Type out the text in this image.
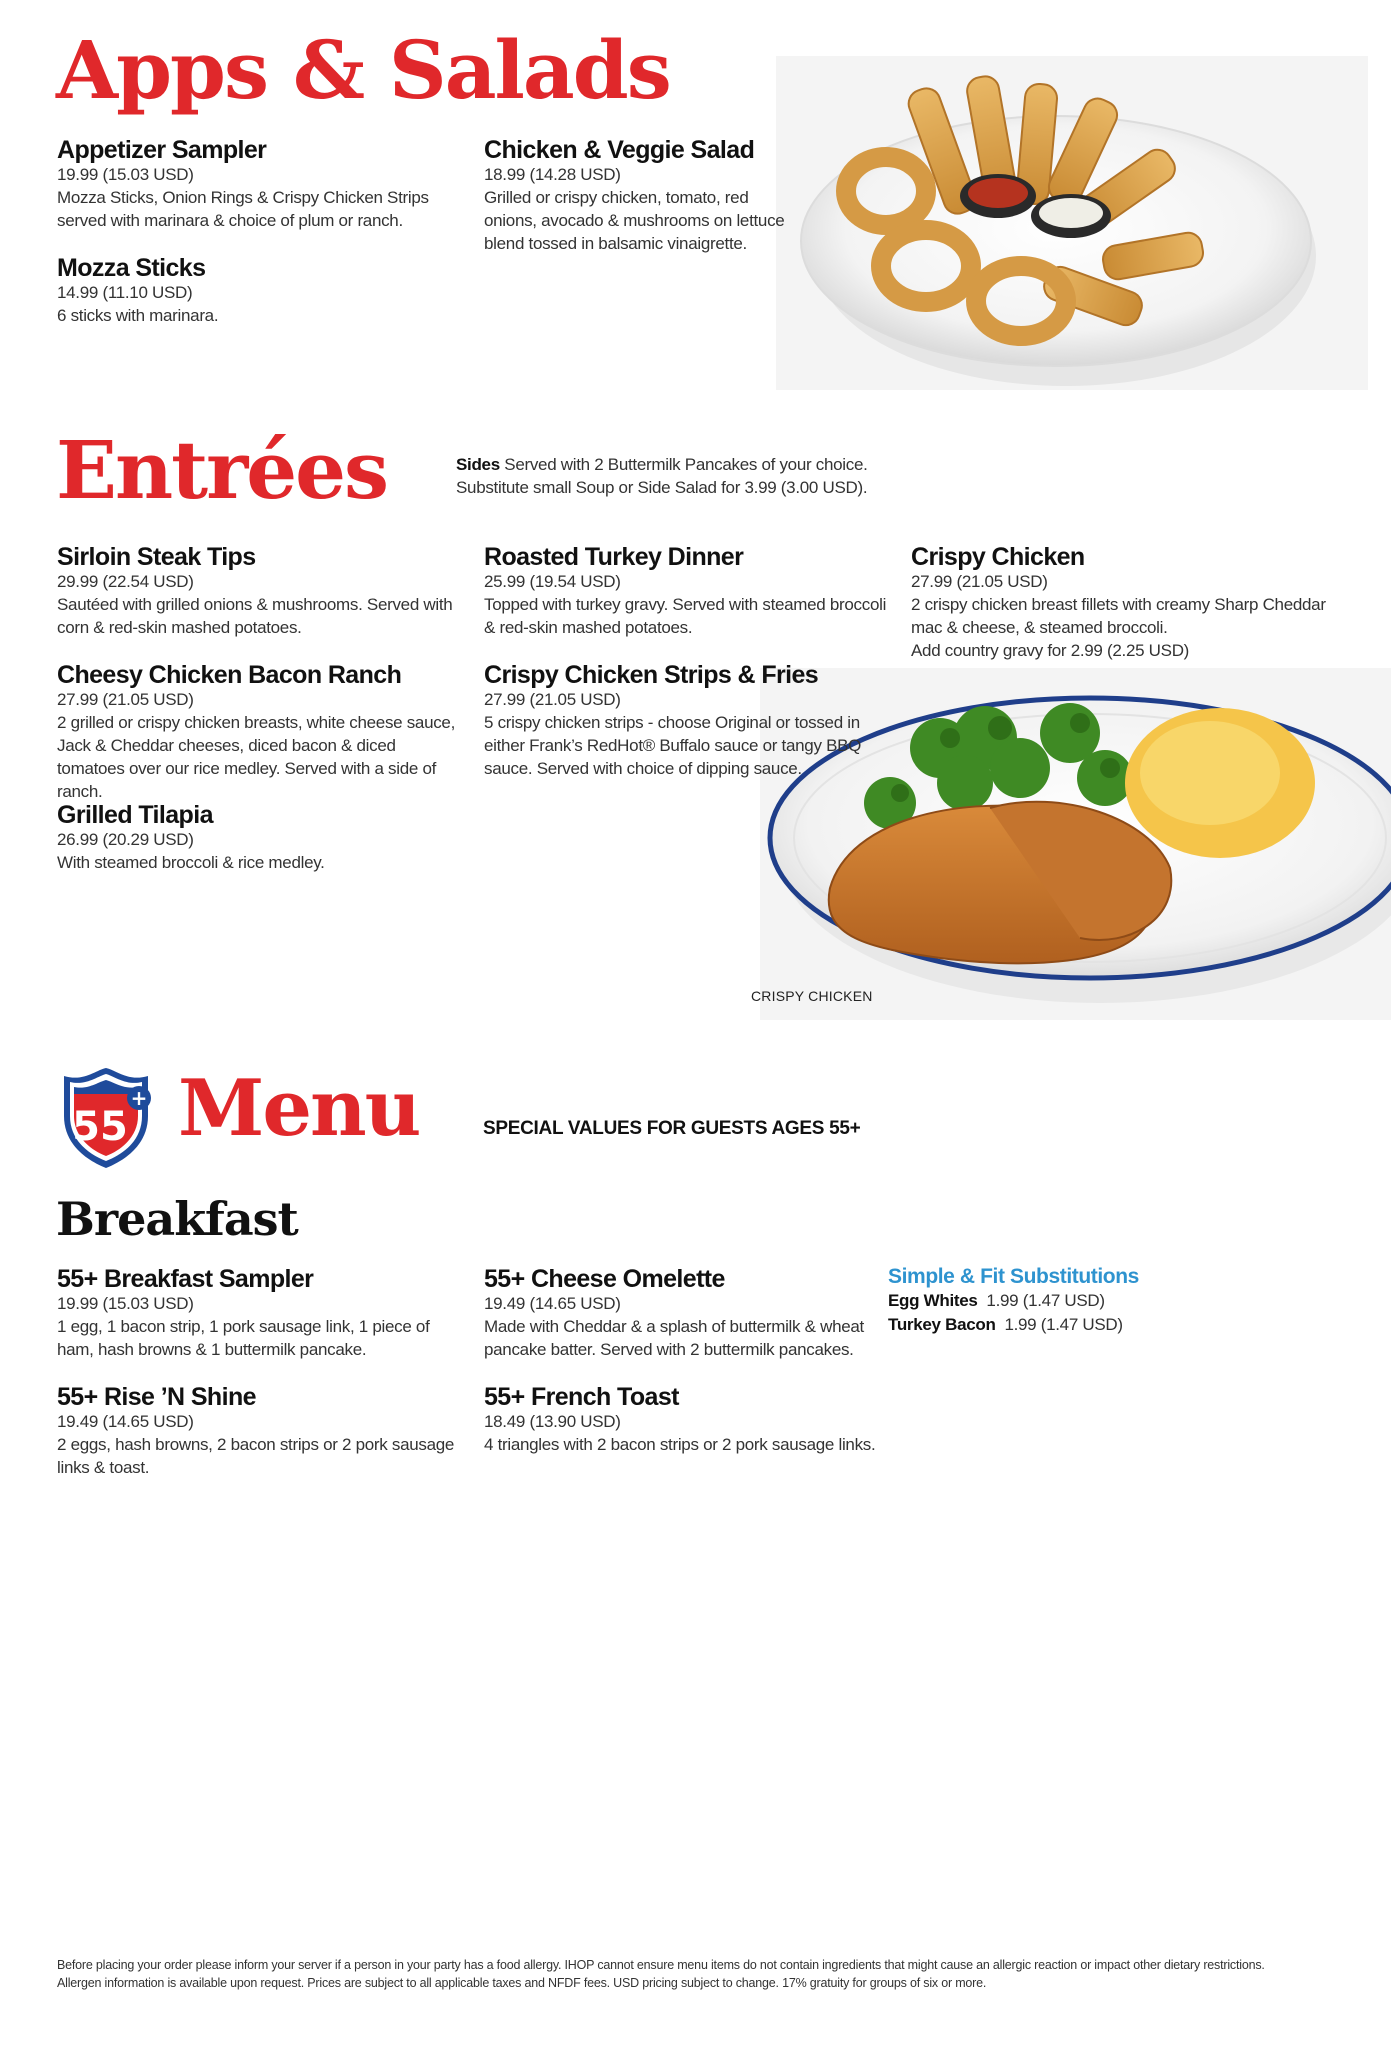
Apps & Salads
Appetizer Sampler
19.99 (15.03 USD)
Mozza Sticks, Onion Rings & Crispy Chicken Strips served with marinara & choice of plum or ranch.
Mozza Sticks
14.99 (11.10 USD)
6 sticks with marinara.
Chicken & Veggie Salad
18.99 (14.28 USD)
Grilled or crispy chicken, tomato, red onions, avocado & mushrooms on lettuce blend tossed in balsamic vinaigrette.
Entrées	Sides Served with 2 Buttermilk Pancakes of your choice.
Substitute small Soup or Side Salad for 3.99 (3.00 USD).
CRISPY CHICKEN
Sirloin Steak Tips
29.99 (22.54 USD)
Sautéed with grilled onions & mushrooms. Served with corn & red-skin mashed potatoes.
Cheesy Chicken Bacon Ranch
27.99 (21.05 USD)
2 grilled or crispy chicken breasts, white cheese sauce, Jack & Cheddar cheeses, diced bacon & diced tomatoes over our rice medley. Served with a side of ranch.
Grilled Tilapia
26.99 (20.29 USD)
With steamed broccoli & rice medley.
Roasted Turkey Dinner
25.99 (19.54 USD)
Topped with turkey gravy. Served with steamed broccoli & red-skin mashed potatoes.
Crispy Chicken Strips & Fries
27.99 (21.05 USD)
5 crispy chicken strips - choose Original or tossed in either Frank’s RedHot® Buffalo sauce or tangy BBQ sauce. Served with choice of dipping sauce.
Crispy Chicken
27.99 (21.05 USD)
2 crispy chicken breast fillets with creamy Sharp Cheddar mac & cheese, & steamed broccoli.
Add country gravy for 2.99 (2.25 USD)
55
+ Menu	SPECIAL VALUES FOR GUESTS AGES 55+
Breakfast
55+ Breakfast Sampler
19.99 (15.03 USD)
1 egg, 1 bacon strip, 1 pork sausage link, 1 piece of ham, hash browns & 1 buttermilk pancake.
55+ Rise ’N Shine
19.49 (14.65 USD)
2 eggs, hash browns, 2 bacon strips or 2 pork sausage links & toast.
55+ Cheese Omelette
19.49 (14.65 USD)
Made with Cheddar & a splash of buttermilk & wheat pancake batter. Served with 2 buttermilk pancakes.
55+ French Toast
18.49 (13.90 USD)
4 triangles with 2 bacon strips or 2 pork sausage links.
Simple & Fit Substitutions
Egg Whites 1.99 (1.47 USD)
Turkey Bacon 1.99 (1.47 USD)
Before placing your order please inform your server if a person in your party has a food allergy. IHOP cannot ensure menu items do not contain ingredients that might cause an allergic reaction or impact other dietary restrictions.
Allergen information is available upon request. Prices are subject to all applicable taxes and NFDF fees. USD pricing subject to change. 17% gratuity for groups of six or more.
